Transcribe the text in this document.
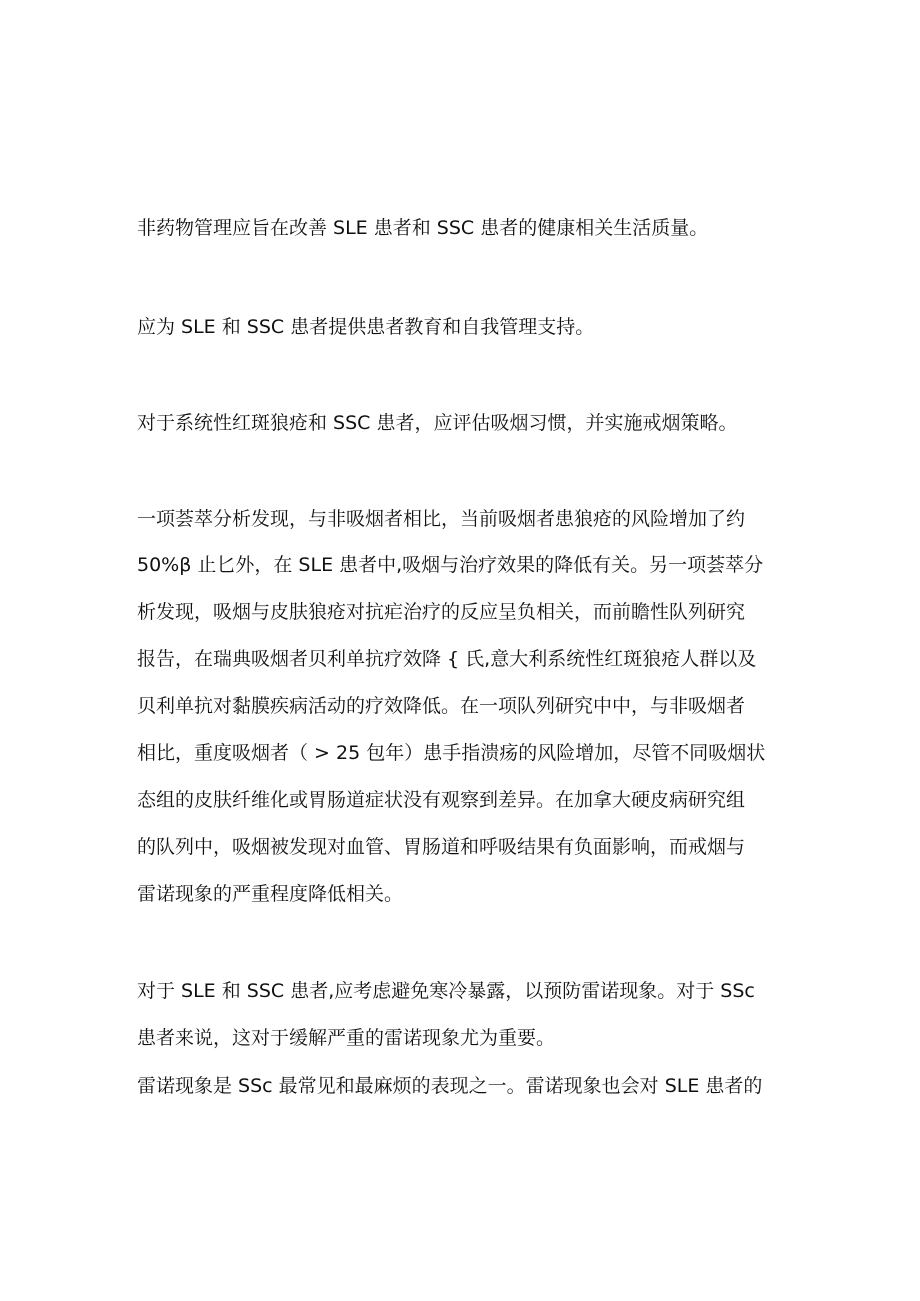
非药物管理应旨在改善 SLE 患者和 SSC 患者的健康相关生活质量。
应为 SLE 和 SSC 患者提供患者教育和自我管理支持。
对于系统性红斑狼疮和 SSC 患者，应评估吸烟习惯，并实施戒烟策略。
一项荟萃分析发现，与非吸烟者相比，当前吸烟者患狼疮的风险增加了约
50%β 止匕外，在 SLE 患者中,吸烟与治疗效果的降低有关。另一项荟萃分
析发现，吸烟与皮肤狼疮对抗疟治疗的反应呈负相关，而前瞻性队列研究
报告，在瑞典吸烟者贝利单抗疗效降 { 氏,意大利系统性红斑狼疮人群以及
贝利单抗对黏膜疾病活动的疗效降低。在一项队列研究中中，与非吸烟者
相比，重度吸烟者（ > 25 包年）患手指溃疡的风险增加，尽管不同吸烟状
态组的皮肤纤维化或胃肠道症状没有观察到差异。在加拿大硬皮病研究组
的队列中，吸烟被发现对血管、胃肠道和呼吸结果有负面影响，而戒烟与
雷诺现象的严重程度降低相关。
对于 SLE 和 SSC 患者,应考虑避免寒冷暴露，以预防雷诺现象。对于 SSc
患者来说，这对于缓解严重的雷诺现象尤为重要。
雷诺现象是 SSc 最常见和最麻烦的表现之一。雷诺现象也会对 SLE 患者的
